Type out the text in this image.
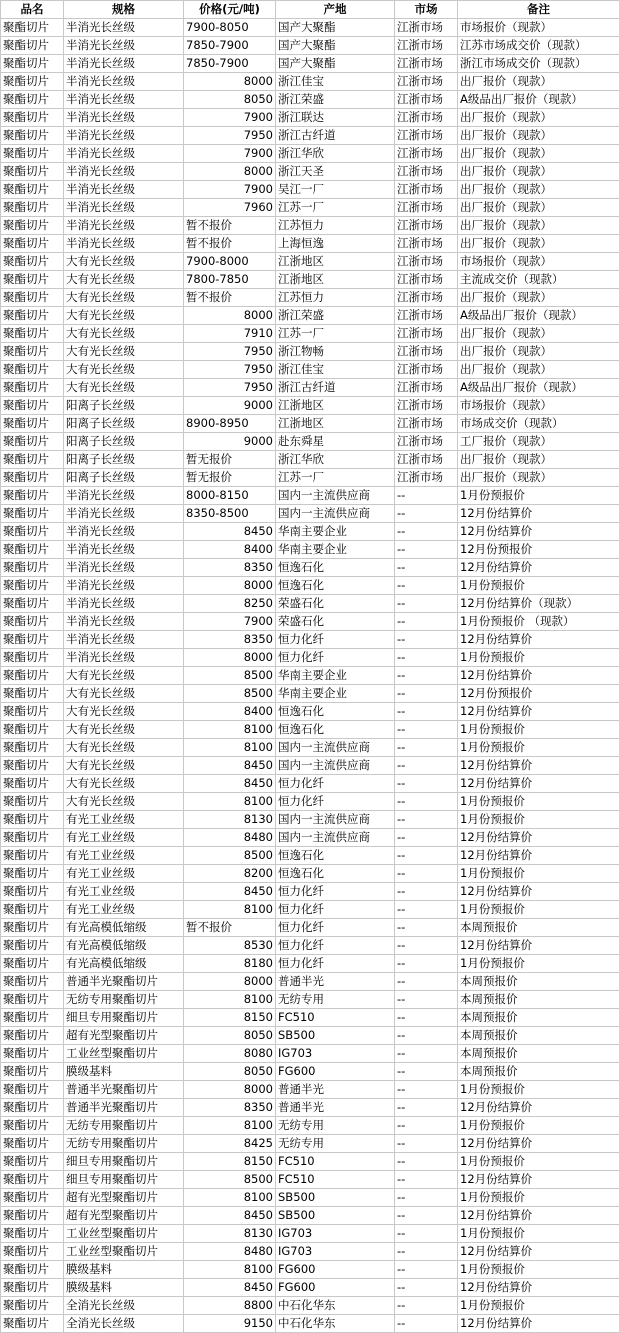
品名	规格	价格(元/吨)	产地	市场	备注
聚酯切片	半消光长丝级	7900-8050	国产大聚酯	江浙市场	市场报价（现款）
聚酯切片	半消光长丝级	7850-7900	国产大聚酯	江浙市场	江苏市场成交价（现款）
聚酯切片	半消光长丝级	7850-7900	国产大聚酯	江浙市场	浙江市场成交价（现款）
聚酯切片	半消光长丝级	8000	浙江佳宝	江浙市场	出厂报价（现款）
聚酯切片	半消光长丝级	8050	浙江荣盛	江浙市场	A级品出厂报价（现款）
聚酯切片	半消光长丝级	7900	浙江联达	江浙市场	出厂报价（现款）
聚酯切片	半消光长丝级	7950	浙江古纤道	江浙市场	出厂报价（现款）
聚酯切片	半消光长丝级	7900	浙江华欣	江浙市场	出厂报价（现款）
聚酯切片	半消光长丝级	8000	浙江天圣	江浙市场	出厂报价（现款）
聚酯切片	半消光长丝级	7900	吴江一厂	江浙市场	出厂报价（现款）
聚酯切片	半消光长丝级	7960	江苏一厂	江浙市场	出厂报价（现款）
聚酯切片	半消光长丝级	暂不报价	江苏恒力	江浙市场	出厂报价（现款）
聚酯切片	半消光长丝级	暂不报价	上海恒逸	江浙市场	出厂报价（现款）
聚酯切片	大有光长丝级	7900-8000	江浙地区	江浙市场	市场报价（现款）
聚酯切片	大有光长丝级	7800-7850	江浙地区	江浙市场	主流成交价（现款）
聚酯切片	大有光长丝级	暂不报价	江苏恒力	江浙市场	出厂报价（现款）
聚酯切片	大有光长丝级	8000	浙江荣盛	江浙市场	A级品出厂报价（现款）
聚酯切片	大有光长丝级	7910	江苏一厂	江浙市场	出厂报价（现款）
聚酯切片	大有光长丝级	7950	浙江物畅	江浙市场	出厂报价（现款）
聚酯切片	大有光长丝级	7950	浙江佳宝	江浙市场	出厂报价（现款）
聚酯切片	大有光长丝级	7950	浙江古纤道	江浙市场	A级品出厂报价（现款）
聚酯切片	阳离子长丝级	9000	江浙地区	江浙市场	市场报价（现款）
聚酯切片	阳离子长丝级	8900-8950	江浙地区	江浙市场	市场成交价（现款）
聚酯切片	阳离子长丝级	9000	赴东舜星	江浙市场	工厂报价（现款）
聚酯切片	阳离子长丝级	暂无报价	浙江华欣	江浙市场	出厂报价（现款）
聚酯切片	阳离子长丝级	暂无报价	江苏一厂	江浙市场	出厂报价（现款）
聚酯切片	半消光长丝级	8000-8150	国内一主流供应商	--	1月份预报价
聚酯切片	半消光长丝级	8350-8500	国内一主流供应商	--	12月份结算价
聚酯切片	半消光长丝级	8450	华南主要企业	--	12月份结算价
聚酯切片	半消光长丝级	8400	华南主要企业	--	12月份预报价
聚酯切片	半消光长丝级	8350	恒逸石化	--	12月份结算价
聚酯切片	半消光长丝级	8000	恒逸石化	--	1月份预报价
聚酯切片	半消光长丝级	8250	荣盛石化	--	12月份结算价（现款）
聚酯切片	半消光长丝级	7900	荣盛石化	--	1月份预报价 （现款）
聚酯切片	半消光长丝级	8350	恒力化纤	--	12月份结算价
聚酯切片	半消光长丝级	8000	恒力化纤	--	1月份预报价
聚酯切片	大有光长丝级	8500	华南主要企业	--	12月份结算价
聚酯切片	大有光长丝级	8500	华南主要企业	--	12月份预报价
聚酯切片	大有光长丝级	8400	恒逸石化	--	12月份结算价
聚酯切片	大有光长丝级	8100	恒逸石化	--	1月份预报价
聚酯切片	大有光长丝级	8100	国内一主流供应商	--	1月份预报价
聚酯切片	大有光长丝级	8450	国内一主流供应商	--	12月份结算价
聚酯切片	大有光长丝级	8450	恒力化纤	--	12月份结算价
聚酯切片	大有光长丝级	8100	恒力化纤	--	1月份预报价
聚酯切片	有光工业丝级	8130	国内一主流供应商	--	1月份预报价
聚酯切片	有光工业丝级	8480	国内一主流供应商	--	12月份结算价
聚酯切片	有光工业丝级	8500	恒逸石化	--	12月份结算价
聚酯切片	有光工业丝级	8200	恒逸石化	--	1月份预报价
聚酯切片	有光工业丝级	8450	恒力化纤	--	12月份结算价
聚酯切片	有光工业丝级	8100	恒力化纤	--	1月份预报价
聚酯切片	有光高模低缩级	暂不报价	恒力化纤	--	本周预报价
聚酯切片	有光高模低缩级	8530	恒力化纤	--	12月份结算价
聚酯切片	有光高模低缩级	8180	恒力化纤	--	1月份预报价
聚酯切片	普通半光聚酯切片	8000	普通半光	--	本周预报价
聚酯切片	无纺专用聚酯切片	8100	无纺专用	--	本周预报价
聚酯切片	细旦专用聚酯切片	8150	FC510	--	本周预报价
聚酯切片	超有光型聚酯切片	8050	SB500	--	本周预报价
聚酯切片	工业丝型聚酯切片	8080	IG703	--	本周预报价
聚酯切片	膜级基料	8050	FG600	--	本周预报价
聚酯切片	普通半光聚酯切片	8000	普通半光	--	1月份预报价
聚酯切片	普通半光聚酯切片	8350	普通半光	--	12月份结算价
聚酯切片	无纺专用聚酯切片	8100	无纺专用	--	1月份预报价
聚酯切片	无纺专用聚酯切片	8425	无纺专用	--	12月份结算价
聚酯切片	细旦专用聚酯切片	8150	FC510	--	1月份预报价
聚酯切片	细旦专用聚酯切片	8500	FC510	--	12月份结算价
聚酯切片	超有光型聚酯切片	8100	SB500	--	1月份预报价
聚酯切片	超有光型聚酯切片	8450	SB500	--	12月份结算价
聚酯切片	工业丝型聚酯切片	8130	IG703	--	1月份预报价
聚酯切片	工业丝型聚酯切片	8480	IG703	--	12月份结算价
聚酯切片	膜级基料	8100	FG600	--	1月份预报价
聚酯切片	膜级基料	8450	FG600	--	12月份结算价
聚酯切片	全消光长丝级	8800	中石化华东	--	1月份预报价
聚酯切片	全消光长丝级	9150	中石化华东	--	12月份结算价
